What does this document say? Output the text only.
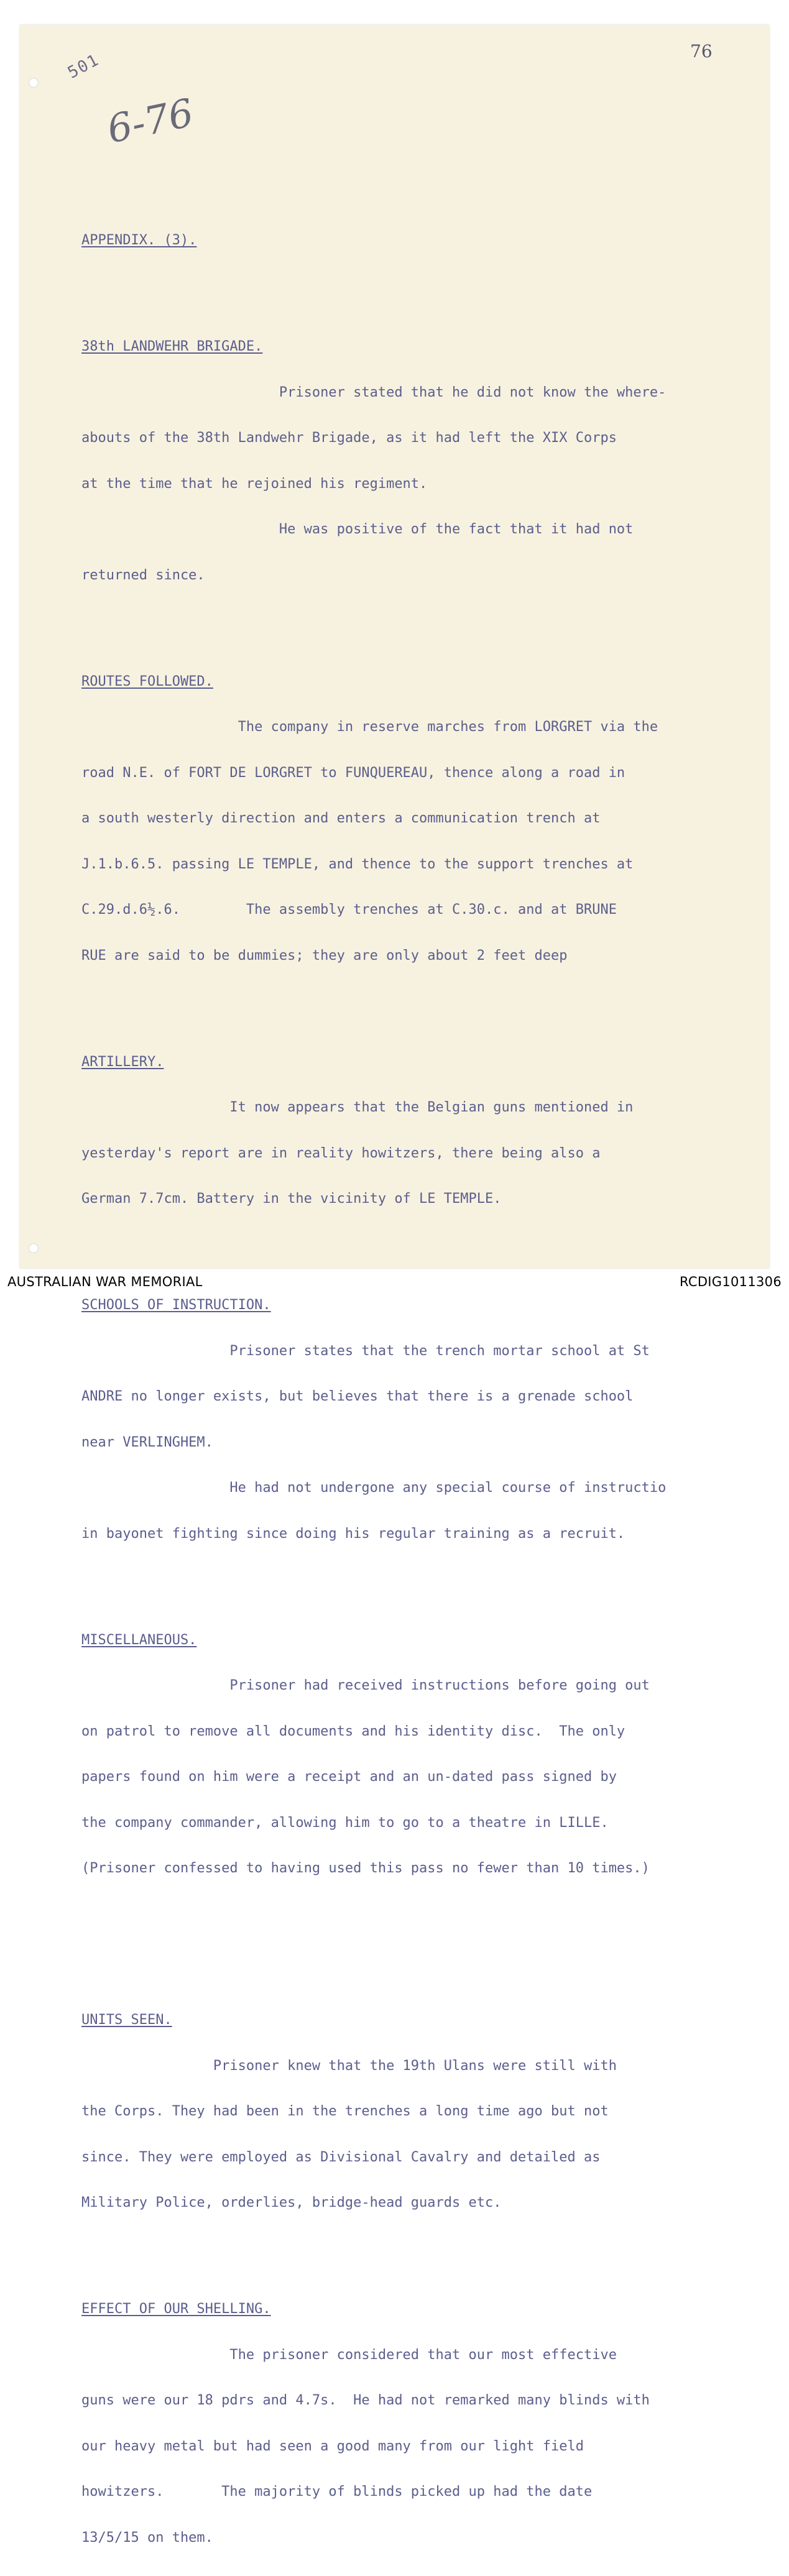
501
6-76
76

APPENDIX. (3).

38th LANDWEHR BRIGADE.

Prisoner stated that he did not know the where-

abouts of the 38th Landwehr Brigade, as it had left the XIX Corps

at the time that he rejoined his regiment.

He was positive of the fact that it had not

returned since.

ROUTES FOLLOWED.

The company in reserve marches from LORGRET via the

road N.E. of FORT DE LORGRET to FUNQUEREAU, thence along a road in

a south westerly direction and enters a communication trench at

J.1.b.6.5. passing LE TEMPLE, and thence to the support trenches at

C.29.d.6½.6.        The assembly trenches at C.30.c. and at BRUNE

RUE are said to be dummies; they are only about 2 feet deep

ARTILLERY.

It now appears that the Belgian guns mentioned in

yesterday's report are in reality howitzers, there being also a

German 7.7cm. Battery in the vicinity of LE TEMPLE.

SCHOOLS OF INSTRUCTION.

Prisoner states that the trench mortar school at St

ANDRE no longer exists, but believes that there is a grenade school

near VERLINGHEM.

He had not undergone any special course of instructio

in bayonet fighting since doing his regular training as a recruit.

MISCELLANEOUS.

Prisoner had received instructions before going out

on patrol to remove all documents and his identity disc.  The only

papers found on him were a receipt and an un-dated pass signed by

the company commander, allowing him to go to a theatre in LILLE.

(Prisoner confessed to having used this pass no fewer than 10 times.)

UNITS SEEN.

Prisoner knew that the 19th Ulans were still with

the Corps. They had been in the trenches a long time ago but not

since. They were employed as Divisional Cavalry and detailed as

Military Police, orderlies, bridge-head guards etc.

EFFECT OF OUR SHELLING.

The prisoner considered that our most effective

guns were our 18 pdrs and 4.7s.  He had not remarked many blinds with

our heavy metal but had seen a good many from our light field

howitzers.       The majority of blinds picked up had the date

13/5/15 on them.

AUSTRALIAN WAR MEMORIAL	RCDIG1011306
